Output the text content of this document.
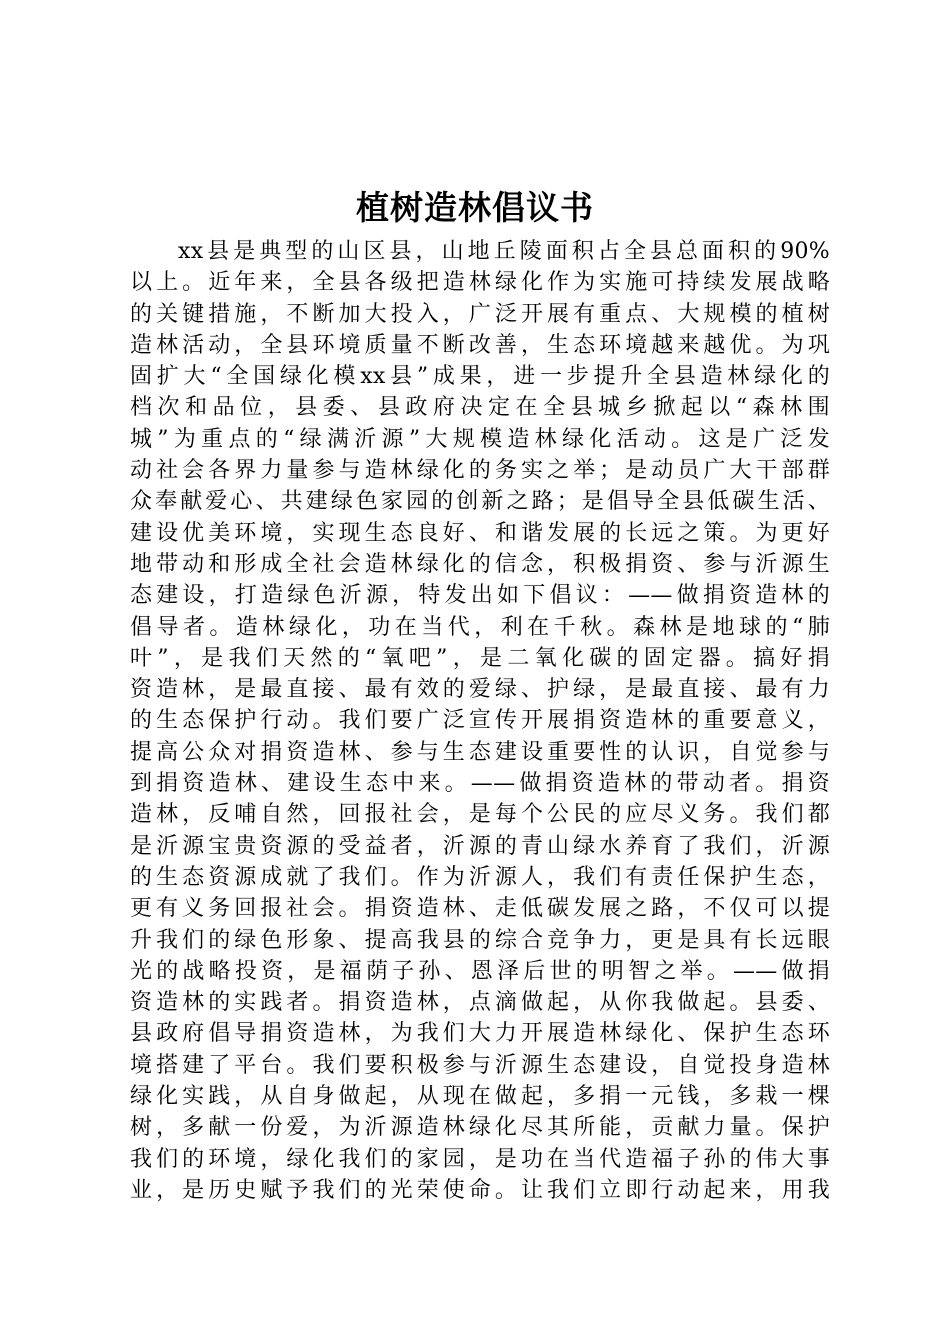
植树造林倡议书
xx县是典型的山区县，山地丘陵面积占全县总面积的90%
以上。近年来，全县各级把造林绿化作为实施可持续发展战略
的关键措施，不断加大投入，广泛开展有重点、大规模的植树
造林活动，全县环境质量不断改善，生态环境越来越优。为巩
固扩大“全国绿化模xx县”成果，进一步提升全县造林绿化的
档次和品位，县委、县政府决定在全县城乡掀起以“森林围
城”为重点的“绿满沂源”大规模造林绿化活动。这是广泛发
动社会各界力量参与造林绿化的务实之举；是动员广大干部群
众奉献爱心、共建绿色家园的创新之路；是倡导全县低碳生活、
建设优美环境，实现生态良好、和谐发展的长远之策。为更好
地带动和形成全社会造林绿化的信念，积极捐资、参与沂源生
态建设，打造绿色沂源，特发出如下倡议：——做捐资造林的
倡导者。造林绿化，功在当代，利在千秋。森林是地球的“肺
叶”，是我们天然的“氧吧”，是二氧化碳的固定器。搞好捐
资造林，是最直接、最有效的爱绿、护绿，是最直接、最有力
的生态保护行动。我们要广泛宣传开展捐资造林的重要意义，
提高公众对捐资造林、参与生态建设重要性的认识，自觉参与
到捐资造林、建设生态中来。——做捐资造林的带动者。捐资
造林，反哺自然，回报社会，是每个公民的应尽义务。我们都
是沂源宝贵资源的受益者，沂源的青山绿水养育了我们，沂源
的生态资源成就了我们。作为沂源人，我们有责任保护生态，
更有义务回报社会。捐资造林、走低碳发展之路，不仅可以提
升我们的绿色形象、提高我县的综合竞争力，更是具有长远眼
光的战略投资，是福荫子孙、恩泽后世的明智之举。——做捐
资造林的实践者。捐资造林，点滴做起，从你我做起。县委、
县政府倡导捐资造林，为我们大力开展造林绿化、保护生态环
境搭建了平台。我们要积极参与沂源生态建设，自觉投身造林
绿化实践，从自身做起，从现在做起，多捐一元钱，多栽一棵
树，多献一份爱，为沂源造林绿化尽其所能，贡献力量。保护
我们的环境，绿化我们的家园，是功在当代造福子孙的伟大事
业，是历史赋予我们的光荣使命。让我们立即行动起来，用我
